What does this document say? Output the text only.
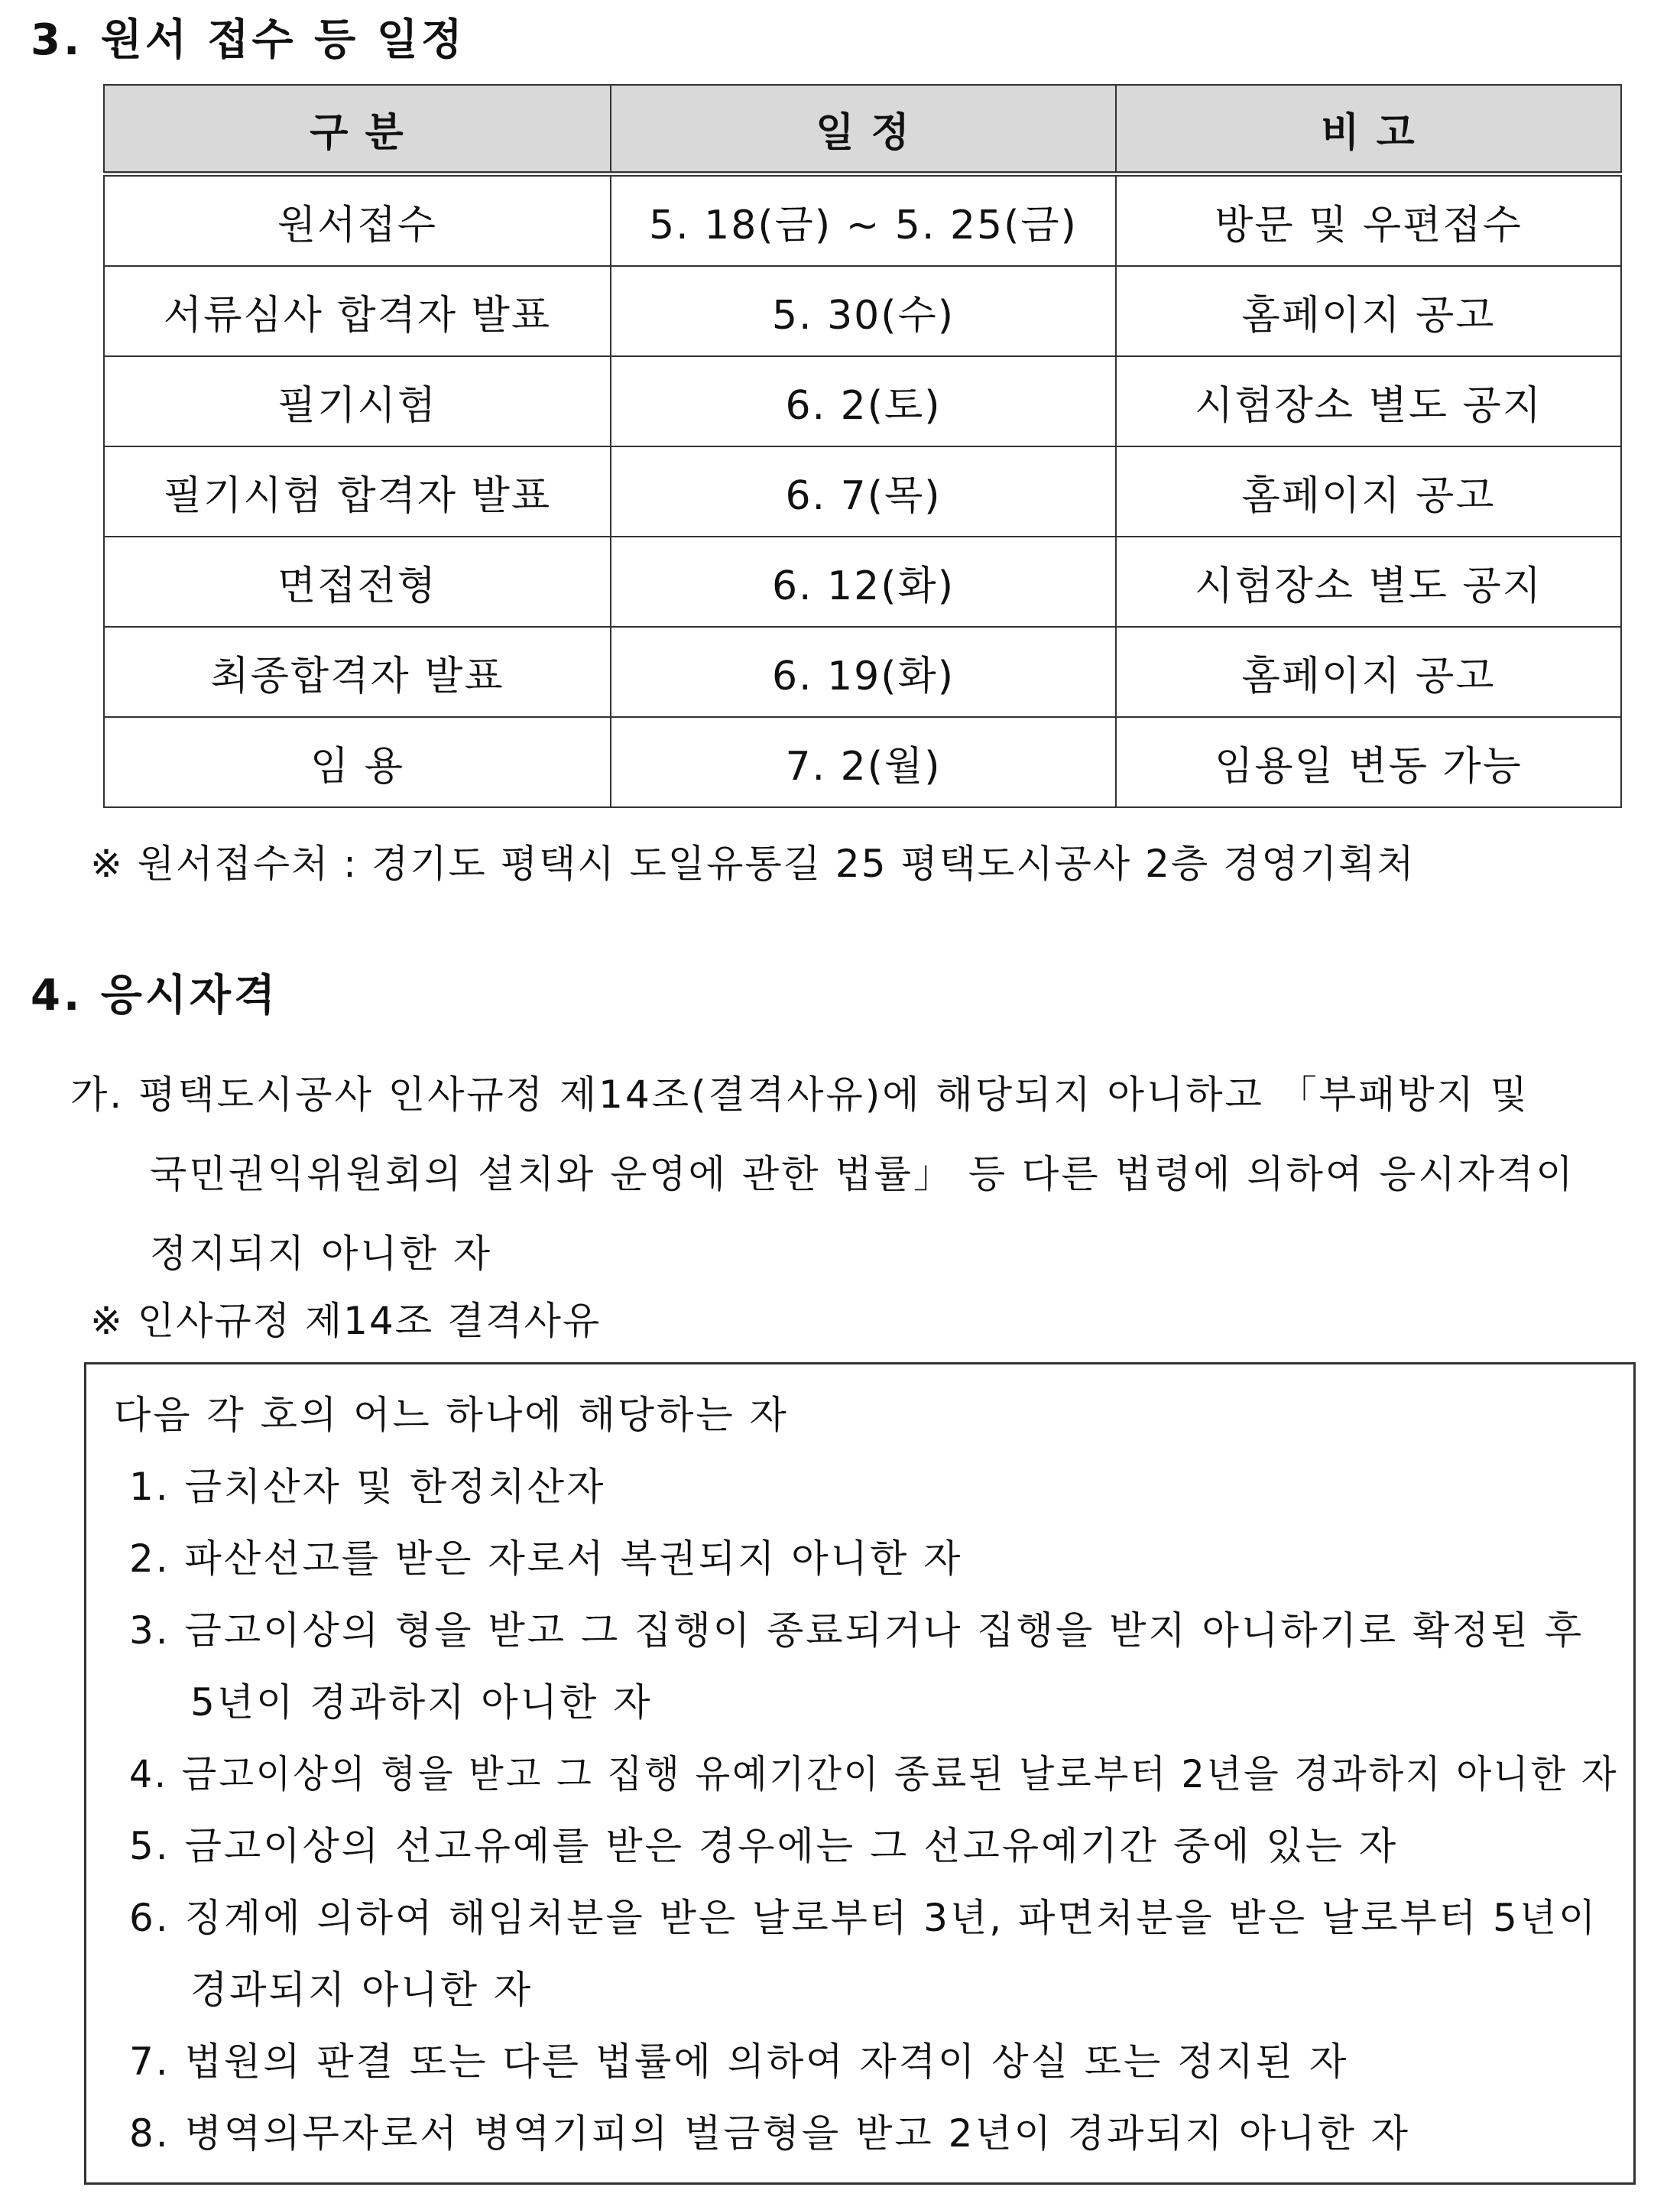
3. 원서 접수 등 일정
구 분	일 정	비 고
원서접수	5. 18(금) ~ 5. 25(금)	방문 및 우편접수
서류심사 합격자 발표	5. 30(수)	홈페이지 공고
필기시험	6. 2(토)	시험장소 별도 공지
필기시험 합격자 발표	6. 7(목)	홈페이지 공고
면접전형	6. 12(화)	시험장소 별도 공지
최종합격자 발표	6. 19(화)	홈페이지 공고
임 용	7. 2(월)	임용일 변동 가능
※ 원서접수처 : 경기도 평택시 도일유통길 25 평택도시공사 2층 경영기획처
4. 응시자격
가. 평택도시공사 인사규정 제14조(결격사유)에 해당되지 아니하고 「부패방지 및
국민권익위원회의 설치와 운영에 관한 법률」 등 다른 법령에 의하여 응시자격이
정지되지 아니한 자
※ 인사규정 제14조 결격사유
다음 각 호의 어느 하나에 해당하는 자
1. 금치산자 및 한정치산자
2. 파산선고를 받은 자로서 복권되지 아니한 자
3. 금고이상의 형을 받고 그 집행이 종료되거나 집행을 받지 아니하기로 확정된 후
5년이 경과하지 아니한 자
4. 금고이상의 형을 받고 그 집행 유예기간이 종료된 날로부터 2년을 경과하지 아니한 자
5. 금고이상의 선고유예를 받은 경우에는 그 선고유예기간 중에 있는 자
6. 징계에 의하여 해임처분을 받은 날로부터 3년, 파면처분을 받은 날로부터 5년이
경과되지 아니한 자
7. 법원의 판결 또는 다른 법률에 의하여 자격이 상실 또는 정지된 자
8. 병역의무자로서 병역기피의 벌금형을 받고 2년이 경과되지 아니한 자
